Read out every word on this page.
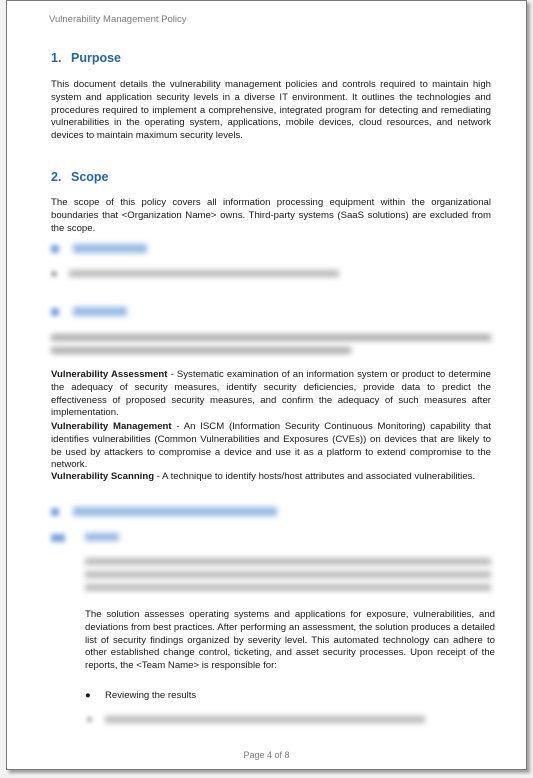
Vulnerability Management Policy
1. Purpose
This document details the vulnerability management policies and controls required to maintain high system and application security levels in a diverse IT environment. It outlines the technologies and procedures required to implement a comprehensive, integrated program for detecting and remediating vulnerabilities in the operating system, applications, mobile devices, cloud resources, and network devices to maintain maximum security levels.
2. Scope
The scope of this policy covers all information processing equipment within the organizational boundaries that <Organization Name> owns. Third-party systems (SaaS solutions) are excluded from the scope.
Vulnerability Assessment - Systematic examination of an information system or product to determine the adequacy of security measures, identify security deficiencies, provide data to predict the effectiveness of proposed security measures, and confirm the adequacy of such measures after implementation.
Vulnerability Management - An ISCM (Information Security Continuous Monitoring) capability that identifies vulnerabilities (Common Vulnerabilities and Exposures (CVEs)) on devices that are likely to be used by attackers to compromise a device and use it as a platform to extend compromise to the network.
Vulnerability Scanning - A technique to identify hosts/host attributes and associated vulnerabilities.
The solution assesses operating systems and applications for exposure, vulnerabilities, and deviations from best practices. After performing an assessment, the solution produces a detailed list of security findings organized by severity level. This automated technology can adhere to other established change control, ticketing, and asset security processes. Upon receipt of the reports, the <Team Name> is responsible for:
● Reviewing the results
Page 4 of 8
